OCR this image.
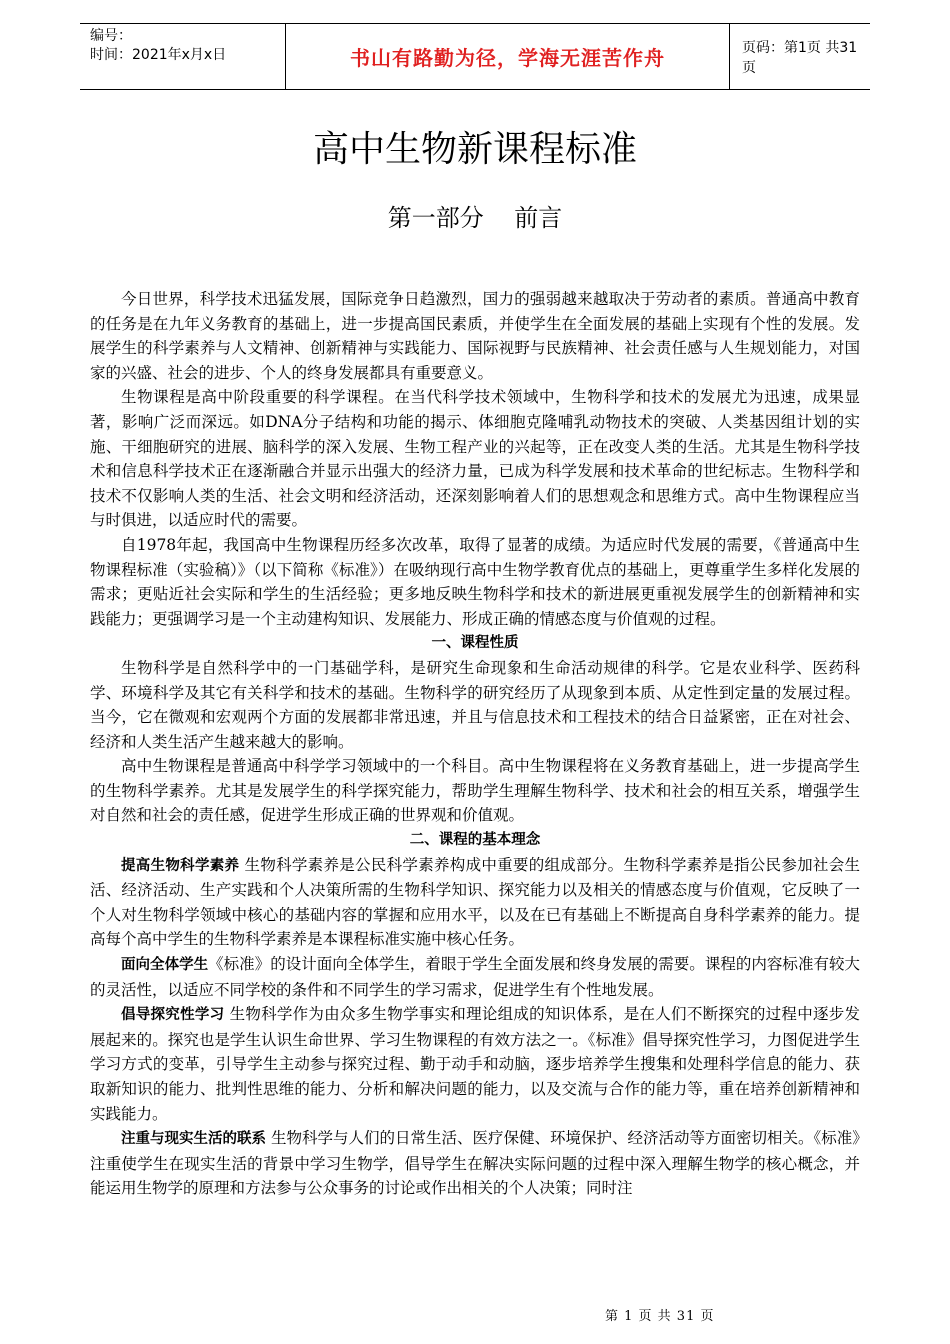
编号：
时间：2021年x月x日	书山有路勤为径，学海无涯苦作舟	页码：第1页 共31页
高中生物新课程标准
第一部分    前言

今日世界，科学技术迅猛发展，国际竞争日趋激烈，国力的强弱越来越取决于劳动者的素质。普通高中教育的任务是在九年义务教育的基础上，进一步提高国民素质，并使学生在全面发展的基础上实现有个性的发展。发展学生的科学素养与人文精神、创新精神与实践能力、国际视野与民族精神、社会责任感与人生规划能力，对国家的兴盛、社会的进步、个人的终身发展都具有重要意义。

生物课程是高中阶段重要的科学课程。在当代科学技术领域中，生物科学和技术的发展尤为迅速，成果显著，影响广泛而深远。如DNA分子结构和功能的揭示、体细胞克隆哺乳动物技术的突破、人类基因组计划的实施、干细胞研究的进展、脑科学的深入发展、生物工程产业的兴起等，正在改变人类的生活。尤其是生物科学技术和信息科学技术正在逐渐融合并显示出强大的经济力量，已成为科学发展和技术革命的世纪标志。生物科学和技术不仅影响人类的生活、社会文明和经济活动，还深刻影响着人们的思想观念和思维方式。高中生物课程应当与时俱进，以适应时代的需要。

自1978年起，我国高中生物课程历经多次改革，取得了显著的成绩。为适应时代发展的需要，《普通高中生物课程标准（实验稿）》（以下简称《标准》）在吸纳现行高中生物学教育优点的基础上，更尊重学生多样化发展的需求；更贴近社会实际和学生的生活经验；更多地反映生物科学和技术的新进展更重视发展学生的创新精神和实践能力；更强调学习是一个主动建构知识、发展能力、形成正确的情感态度与价值观的过程。

一、课程性质

生物科学是自然科学中的一门基础学科，是研究生命现象和生命活动规律的科学。它是农业科学、医药科学、环境科学及其它有关科学和技术的基础。生物科学的研究经历了从现象到本质、从定性到定量的发展过程。当今，它在微观和宏观两个方面的发展都非常迅速，并且与信息技术和工程技术的结合日益紧密，正在对社会、经济和人类生活产生越来越大的影响。

高中生物课程是普通高中科学学习领域中的一个科目。高中生物课程将在义务教育基础上，进一步提高学生的生物科学素养。尤其是发展学生的科学探究能力，帮助学生理解生物科学、技术和社会的相互关系，增强学生对自然和社会的责任感，促进学生形成正确的世界观和价值观。

二、课程的基本理念

提高生物科学素养 生物科学素养是公民科学素养构成中重要的组成部分。生物科学素养是指公民参加社会生活、经济活动、生产实践和个人决策所需的生物科学知识、探究能力以及相关的情感态度与价值观，它反映了一个人对生物科学领域中核心的基础内容的掌握和应用水平，以及在已有基础上不断提高自身科学素养的能力。提高每个高中学生的生物科学素养是本课程标准实施中核心任务。

面向全体学生《标准》的设计面向全体学生，着眼于学生全面发展和终身发展的需要。课程的内容标准有较大的灵活性，以适应不同学校的条件和不同学生的学习需求，促进学生有个性地发展。

倡导探究性学习 生物科学作为由众多生物学事实和理论组成的知识体系，是在人们不断探究的过程中逐步发展起来的。探究也是学生认识生命世界、学习生物课程的有效方法之一。《标准》倡导探究性学习，力图促进学生学习方式的变革，引导学生主动参与探究过程、勤于动手和动脑，逐步培养学生搜集和处理科学信息的能力、获取新知识的能力、批判性思维的能力、分析和解决问题的能力，以及交流与合作的能力等，重在培养创新精神和实践能力。

注重与现实生活的联系 生物科学与人们的日常生活、医疗保健、环境保护、经济活动等方面密切相关。《标准》注重使学生在现实生活的背景中学习生物学，倡导学生在解决实际问题的过程中深入理解生物学的核心概念，并能运用生物学的原理和方法参与公众事务的讨论或作出相关的个人决策；同时注

第 1 页 共 31 页
